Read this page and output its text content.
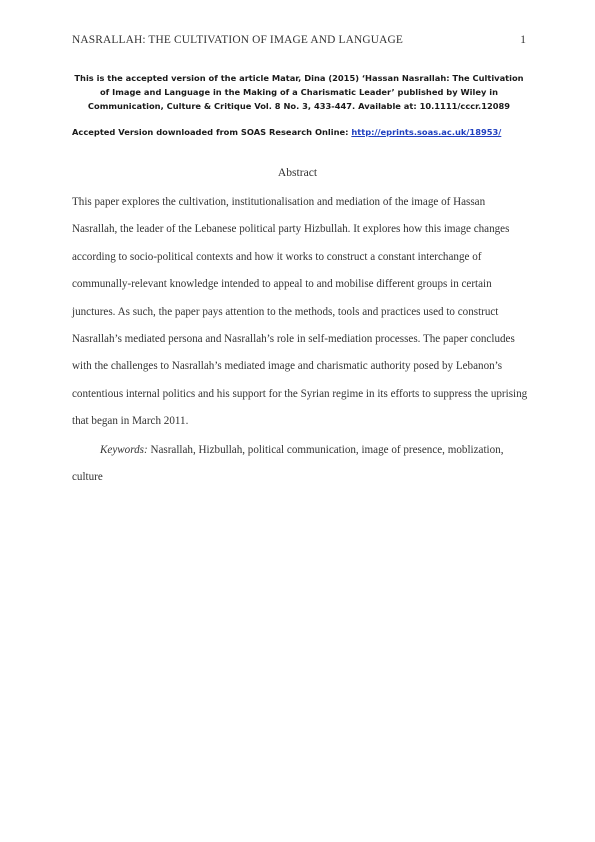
NASRALLAH: THE CULTIVATION OF IMAGE AND LANGUAGE	1
This is the accepted version of the article Matar, Dina (2015) ‘Hassan Nasrallah: The Cultivation of Image and Language in the Making of a Charismatic Leader’ published by Wiley in Communication, Culture & Critique Vol. 8 No. 3, 433-447. Available at: 10.1111/cccr.12089
Accepted Version downloaded from SOAS Research Online: http://eprints.soas.ac.uk/18953/
Abstract

This paper explores the cultivation, institutionalisation and mediation of the image of Hassan Nasrallah, the leader of the Lebanese political party Hizbullah. It explores how this image changes according to socio-political contexts and how it works to construct a constant interchange of communally-relevant knowledge intended to appeal to and mobilise different groups in certain junctures. As such, the paper pays attention to the methods, tools and practices used to construct Nasrallah’s mediated persona and Nasrallah’s role in self-mediation processes. The paper concludes with the challenges to Nasrallah’s mediated image and charismatic authority posed by Lebanon’s contentious internal politics and his support for the Syrian regime in its efforts to suppress the uprising that began in March 2011.

Keywords: Nasrallah, Hizbullah, political communication, image of presence, moblization, culture
